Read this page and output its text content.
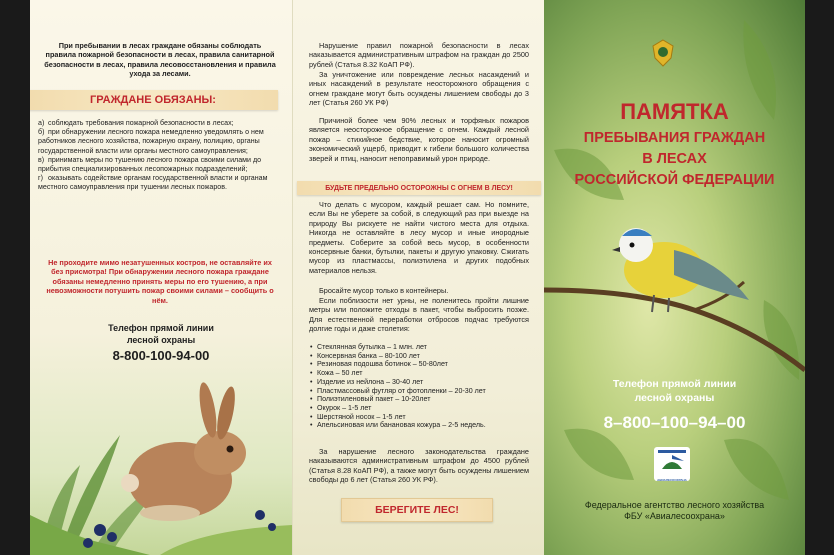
При пребывании в лесах граждане обязаны соблюдать правила пожарной безопасности в лесах, правила санитарной безопасности в лесах, правила лесовосстановления и правила ухода за лесами.
ГРАЖДАНЕ ОБЯЗАНЫ:
а) соблюдать требования пожарной безопасности в лесах;
б) при обнаружении лесного пожара немедленно уведомлять о нем работников лесного хозяйства, пожарную охрану, полицию, органы государственной власти или органы местного самоуправления;
в) принимать меры по тушению лесного пожара своими силами до прибытия специализированных лесопожарных подразделений;
г) оказывать содействие органам государственной власти и органам местного самоуправления при тушении лесных пожаров.
Не проходите мимо незатушенных костров, не оставляйте их без присмотра! При обнаружении лесного пожара граждане обязаны немедленно принять меры по его тушению, а при невозможности потушить пожар своими силами – сообщить о нём.
Телефон прямой линии
лесной охраны
8-800-100-94-00
Нарушение правил пожарной безопасности в лесах наказывается административным штрафом на граждан до 2500 рублей (Статья 8.32 КоАП РФ).
За уничтожение или повреждение лесных насаждений и иных насаждений в результате неосторожного обращения с огнем граждане могут быть осуждены лишением свободы до 3 лет (Статья 260 УК РФ)
Причиной более чем 90% лесных и торфяных пожаров является неосторожное обращение с огнем. Каждый лесной пожар – стихийное бедствие, которое наносит огромный экономический ущерб, приводит к гибели большого количества зверей и птиц, наносит непоправимый урон природе.
БУДЬТЕ ПРЕДЕЛЬНО ОСТОРОЖНЫ С ОГНЕМ В ЛЕСУ!
Что делать с мусором, каждый решает сам. Но помните, если Вы не уберете за собой, в следующий раз при выезде на природу Вы рискуете не найти чистого места для отдыха. Никогда не оставляйте в лесу мусор и иные инородные предметы. Соберите за собой весь мусор, в особенности консервные банки, бутылки, пакеты и другую упаковку. Сжигать мусор из пластмассы, полиэтилена и других подобных материалов нельзя.
Бросайте мусор только в контейнеры.
Если поблизости нет урны, не поленитесь пройти лишние метры или положите отходы в пакет, чтобы выбросить позже. Для естественной переработки отбросов подчас требуются долгие годы и даже столетия:
• Стеклянная бутылка – 1 млн. лет
• Консервная банка – 80-100 лет
• Резиновая подошва ботинок – 50-80лет
• Кожа – 50 лет
• Изделие из нейлона – 30-40 лет
• Пластмассовый футляр от фотопленки – 20-30 лет
• Полиэтиленовый пакет – 10-20лет
• Окурок – 1-5 лет
• Шерстяной носок – 1-5 лет
• Апельсиновая или банановая кожура – 2-5 недель.
За нарушение лесного законодательства граждане наказываются административным штрафом до 4500 рублей (Статья 8.28 КоАП РФ), а также могут быть осуждены лишением свободы до 6 лет (Статья 260 УК РФ).
БЕРЕГИТЕ ЛЕС!
ПАМЯТКА
ПРЕБЫВАНИЯ ГРАЖДАН
В ЛЕСАХ
РОССИЙСКОЙ ФЕДЕРАЦИИ
Телефон прямой линии
лесной охраны
8–800–100–94–00
АВИАЛЕСООХРАНА
Федеральное агентство лесного хозяйства
ФБУ «Авиалесоохрана»
